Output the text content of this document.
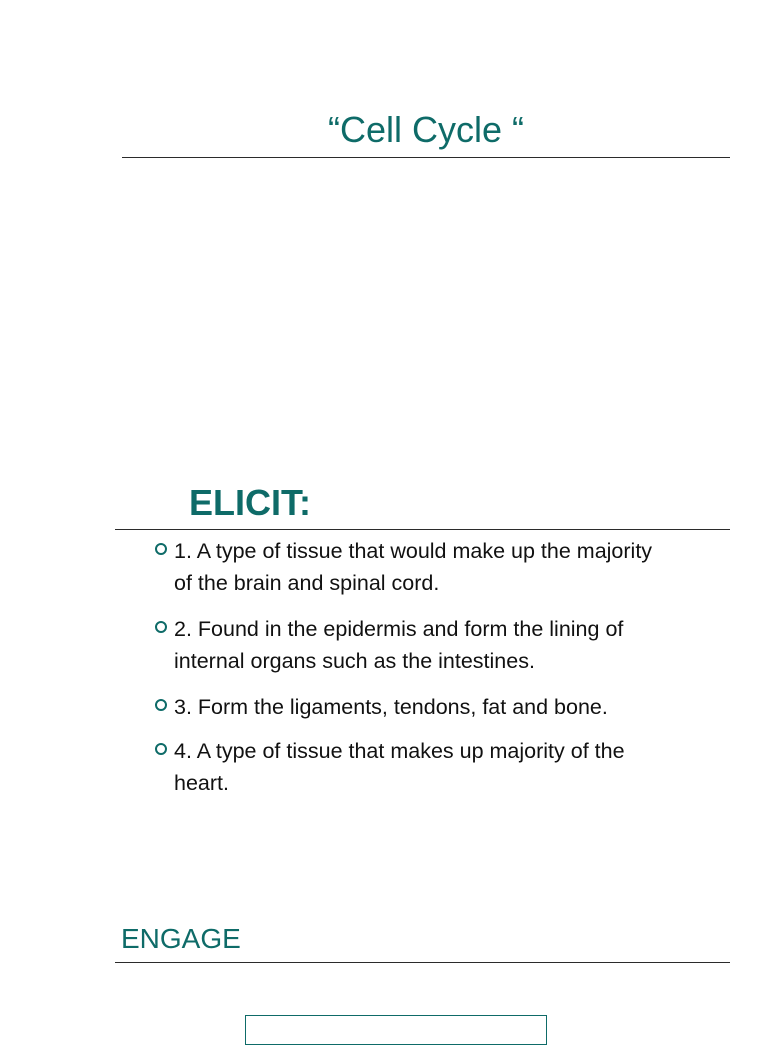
“Cell Cycle “
ELICIT:
1. A type of tissue that would make up the majority of the brain and spinal cord.
2. Found in the epidermis and form the lining of internal organs such as the intestines.
3. Form the ligaments, tendons, fat and bone.
4. A type of tissue that makes up majority of the heart.
ENGAGE
